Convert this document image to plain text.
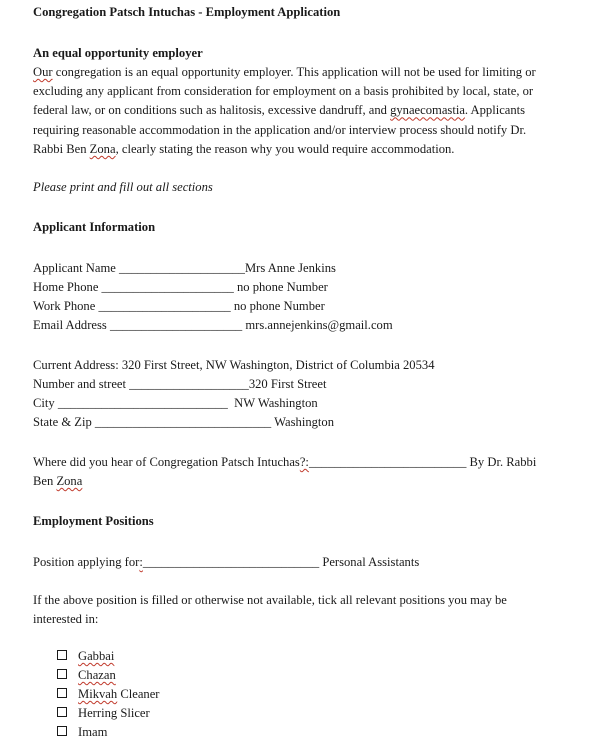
Congregation Patsch Intuchas - Employment Application
An equal opportunity employer
Our congregation is an equal opportunity employer. This application will not be used for limiting or excluding any applicant from consideration for employment on a basis prohibited by local, state, or federal law, or on conditions such as halitosis, excessive dandruff, and gynaecomastia. Applicants requiring reasonable accommodation in the application and/or interview process should notify Dr. Rabbi Ben Zona, clearly stating the reason why you would require accommodation.
Please print and fill out all sections
Applicant Information
Applicant Name ____________________Mrs Anne Jenkins
Home Phone _____________________ no phone Number
Work Phone _____________________ no phone Number
Email Address _____________________ mrs.annejenkins@gmail.com
Current Address: 320 First Street, NW Washington, District of Columbia 20534
Number and street ___________________320 First Street
City ___________________________  NW Washington
State & Zip ____________________________ Washington
Where did you hear of Congregation Patsch Intuchas?:_________________________ By Dr. Rabbi
Ben Zona
Employment Positions
Position applying for:____________________________ Personal Assistants
If the above position is filled or otherwise not available, tick all relevant positions you may be interested in:
Gabbai
Chazan
Mikvah Cleaner
Herring Slicer
Imam
